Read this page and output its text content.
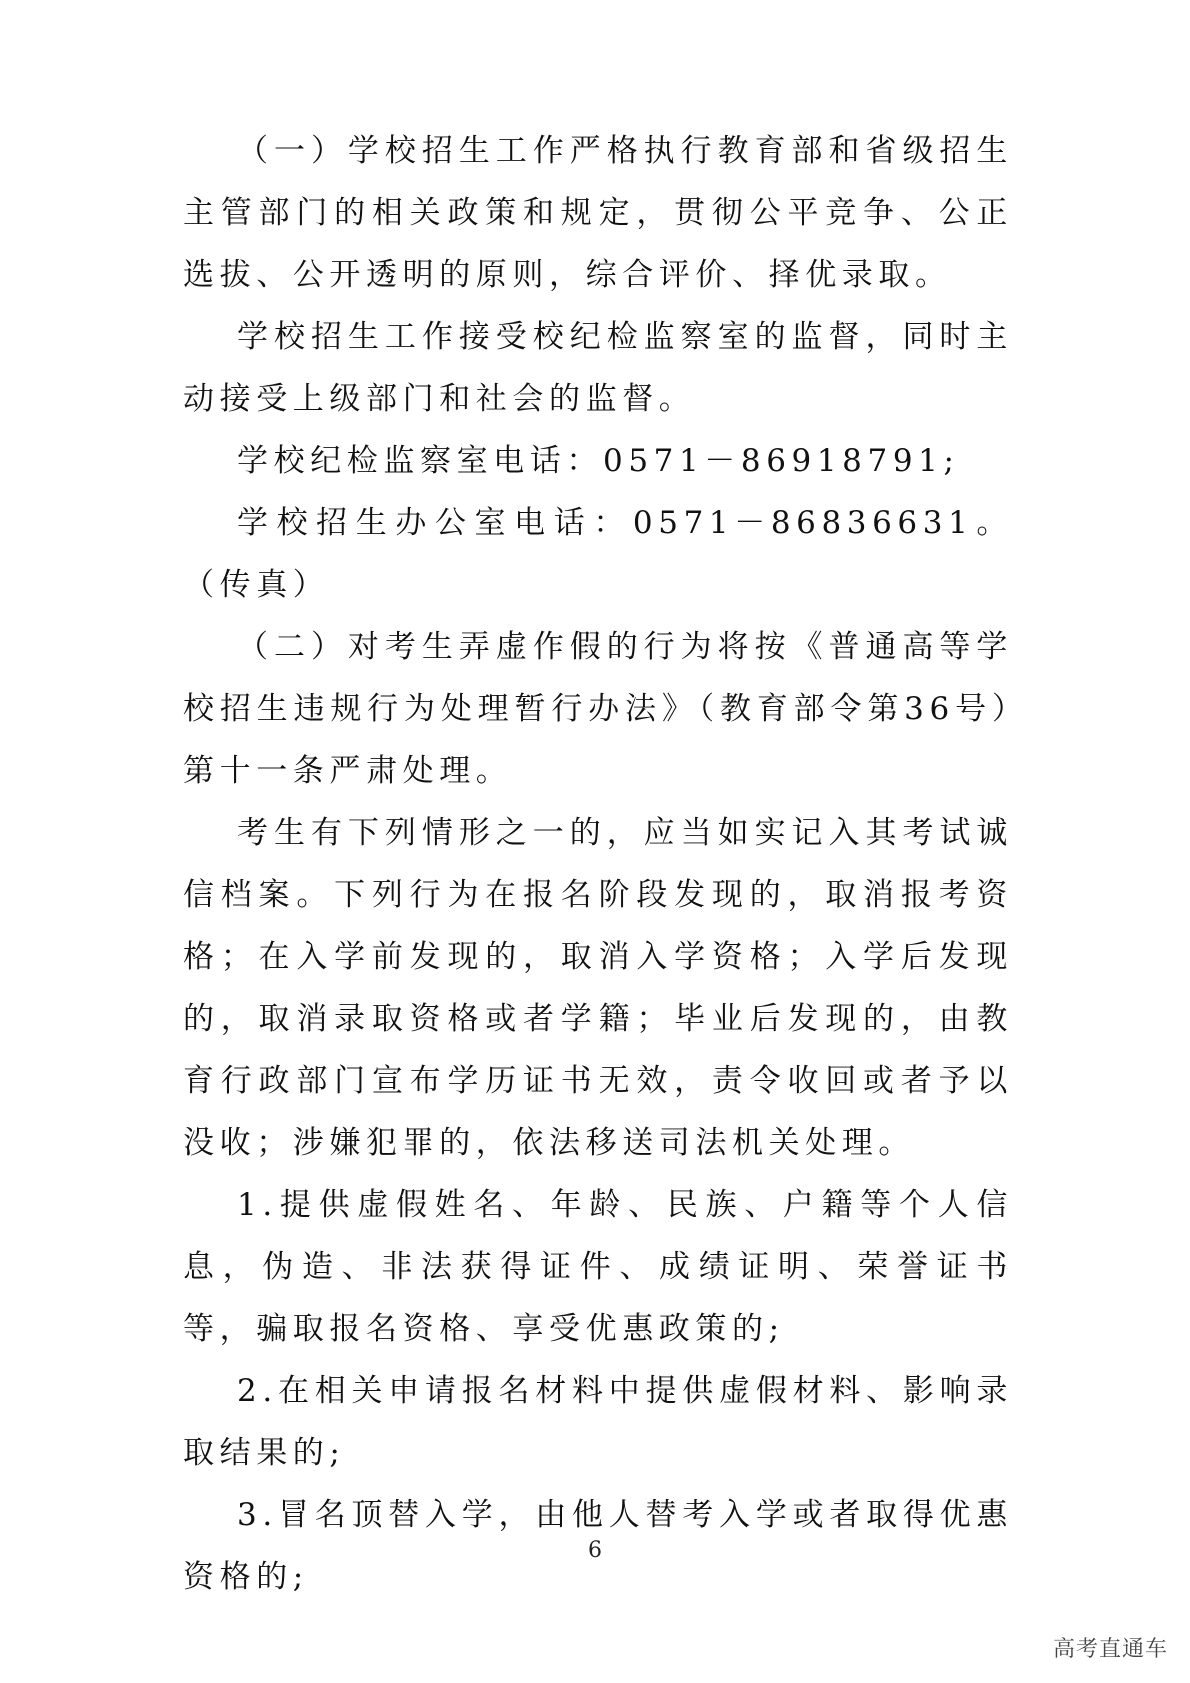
（一）学校招生工作严格执行教育部和省级招生主管部门的相关政策和规定，贯彻公平竞争、公正选拔、公开透明的原则，综合评价、择优录取。

学校招生工作接受校纪检监察室的监督，同时主动接受上级部门和社会的监督。

学校纪检监察室电话：0571－86918791;

学校招生办公室电话：0571－86836631。（传真）

（二）对考生弄虚作假的行为将按《普通高等学校招生违规行为处理暂行办法》（教育部令第36号）第十一条严肃处理。

考生有下列情形之一的，应当如实记入其考试诚信档案。下列行为在报名阶段发现的，取消报考资格；在入学前发现的，取消入学资格；入学后发现的，取消录取资格或者学籍；毕业后发现的，由教育行政部门宣布学历证书无效，责令收回或者予以没收；涉嫌犯罪的，依法移送司法机关处理。

1.提供虚假姓名、年龄、民族、户籍等个人信息，伪造、非法获得证件、成绩证明、荣誉证书等，骗取报名资格、享受优惠政策的;

2.在相关申请报名材料中提供虚假材料、影响录取结果的;

3.冒名顶替入学，由他人替考入学或者取得优惠资格的;

6
高考直通车
